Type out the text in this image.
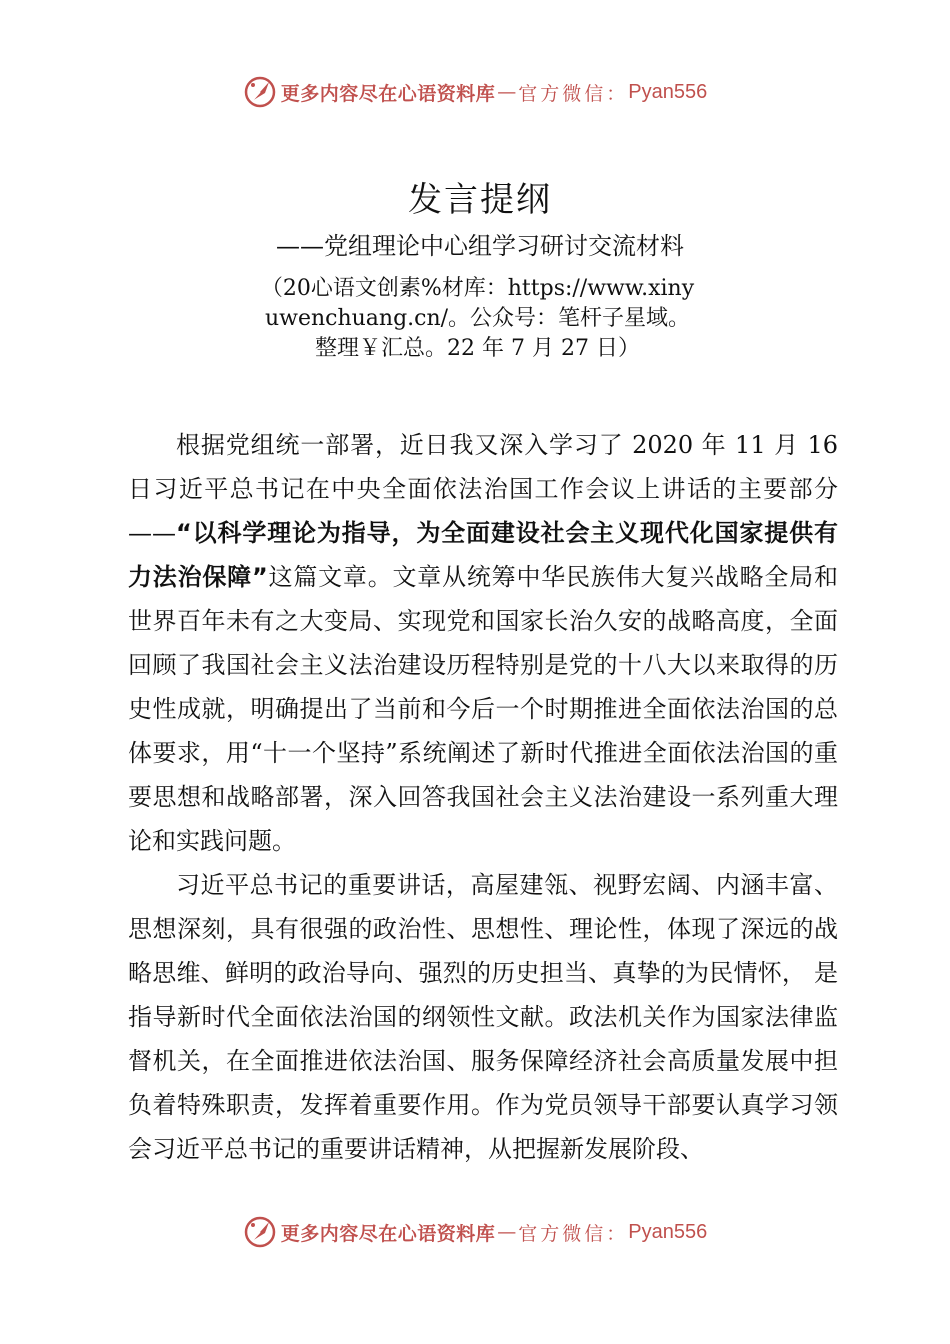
更多内容尽在心语资料库 — 官方微信： Pyan556
发言提纲
——党组理论中心组学习研讨交流材料
（20心语文创素%材库：https://www.xinyuwenchuang.cn/。公众号：笔杆子星域。整理￥汇总。22 年 7 月 27 日）

根据党组统一部署，近日我又深入学习了 2020 年 11 月 16 日习近平总书记在中央全面依法治国工作会议上讲话的主要部分——“以科学理论为指导，为全面建设社会主义现代化国家提供有力法治保障”这篇文章。文章从统筹中华民族伟大复兴战略全局和世界百年未有之大变局、实现党和国家长治久安的战略高度，全面回顾了我国社会主义法治建设历程特别是党的十八大以来取得的历史性成就，明确提出了当前和今后一个时期推进全面依法治国的总体要求，用“十一个坚持”系统阐述了新时代推进全面依法治国的重要思想和战略部署，深入回答我国社会主义法治建设一系列重大理论和实践问题。

习近平总书记的重要讲话，高屋建瓴、视野宏阔、内涵丰富、思想深刻，具有很强的政治性、思想性、理论性，体现了深远的战略思维、鲜明的政治导向、强烈的历史担当、真挚的为民情怀， 是指导新时代全面依法治国的纲领性文献。政法机关作为国家法律监督机关，在全面推进依法治国、服务保障经济社会高质量发展中担负着特殊职责，发挥着重要作用。作为党员领导干部要认真学习领会习近平总书记的重要讲话精神，从把握新发展阶段、

更多内容尽在心语资料库 — 官方微信： Pyan556
